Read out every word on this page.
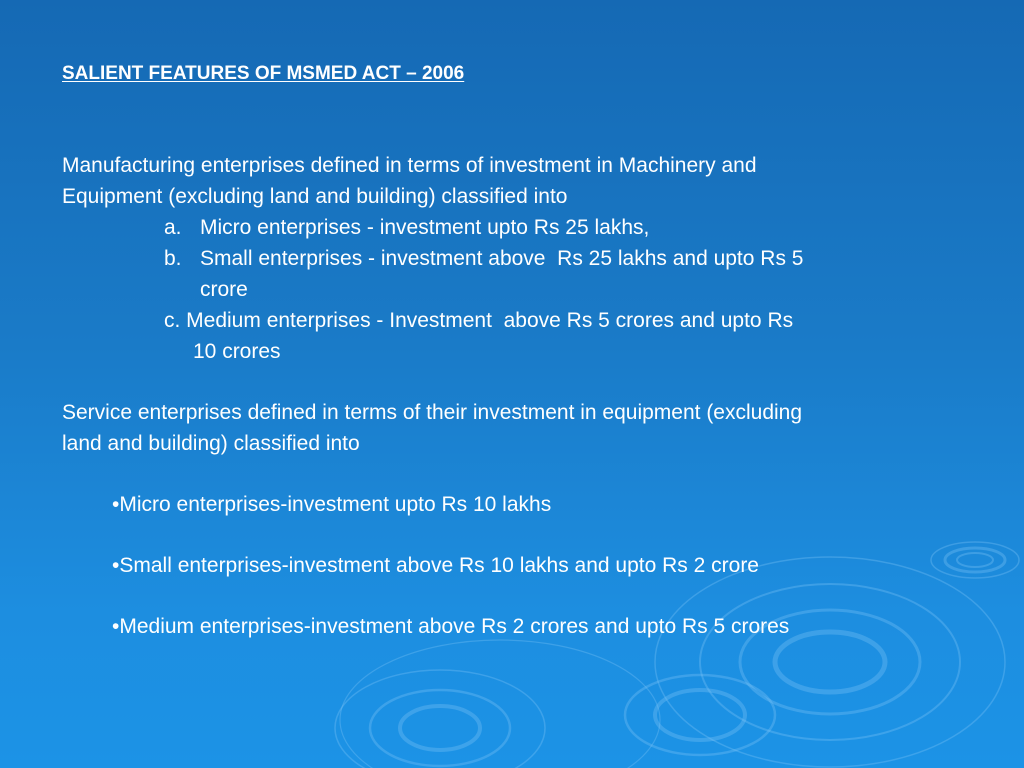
SALIENT FEATURES OF MSMED ACT – 2006
Manufacturing enterprises defined in terms of investment in Machinery and
Equipment (excluding land and building) classified into
a. Micro enterprises - investment upto Rs 25 lakhs,
b. Small enterprises - investment above  Rs 25 lakhs and upto Rs 5
crore
c. Medium enterprises - Investment  above Rs 5 crores and upto Rs
10 crores
Service enterprises defined in terms of their investment in equipment (excluding
land and building) classified into
•Micro enterprises-investment upto Rs 10 lakhs
•Small enterprises-investment above Rs 10 lakhs and upto Rs 2 crore
•Medium enterprises-investment above Rs 2 crores and upto Rs 5 crores
